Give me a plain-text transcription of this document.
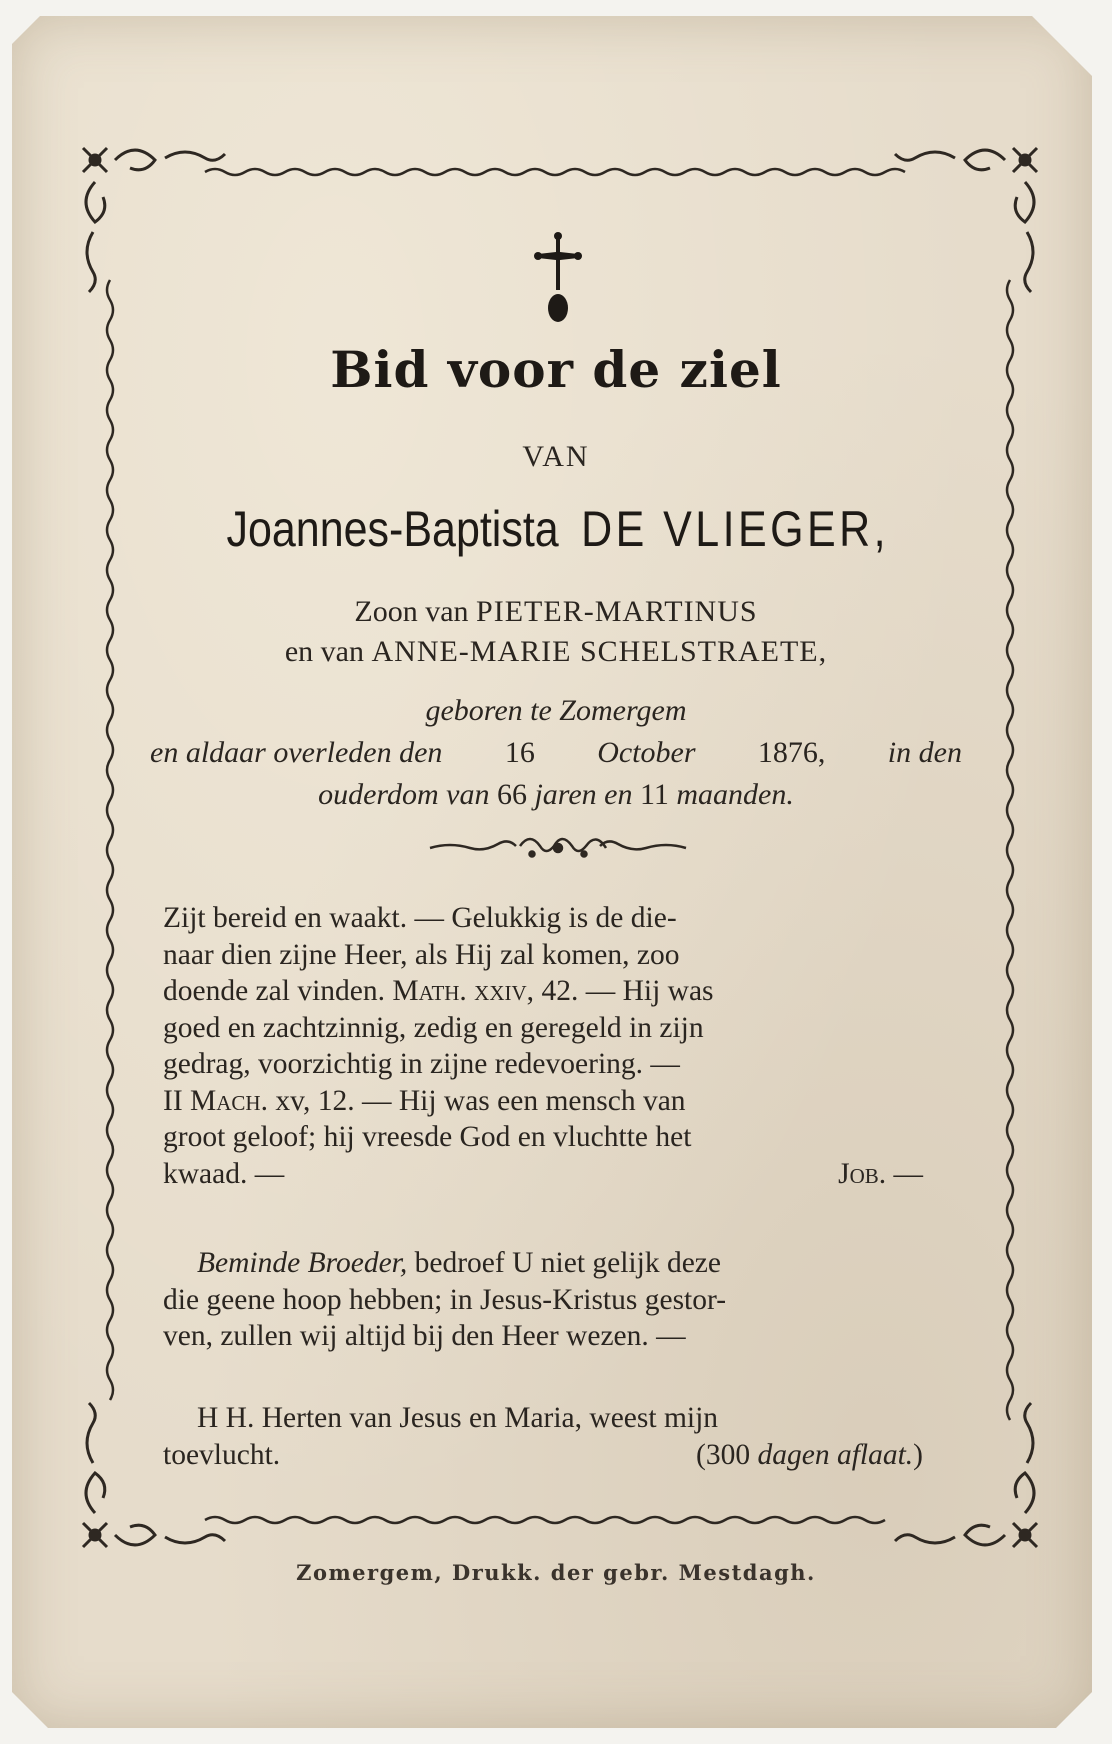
Bid voor de ziel
VAN
Joannes-Baptista DE VLIEGER,
Zoon van PIETER-MARTINUS
en van ANNE-MARIE SCHELSTRAETE,
geboren te Zomergem
en aldaar overleden den 16 October 1876, in den
ouderdom van 66 jaren en 11 maanden.
Zijt bereid en waakt. — Gelukkig is de die-
naar dien zijne Heer, als Hij zal komen, zoo
doende zal vinden. Math. xxiv, 42. — Hij was
goed en zachtzinnig, zedig en geregeld in zijn
gedrag, voorzichtig in zijne redevoering. —
II Mach. xv, 12. — Hij was een mensch van
groot geloof; hij vreesde God en vluchtte het
kwaad. —	Job. —
Beminde Broeder, bedroef U niet gelijk deze
die geene hoop hebben; in Jesus-Kristus gestor-
ven, zullen wij altijd bij den Heer wezen. —
H H. Herten van Jesus en Maria, weest mijn
toevlucht.	(300 dagen aflaat.)
Zomergem, Drukk. der gebr. Mestdagh.
